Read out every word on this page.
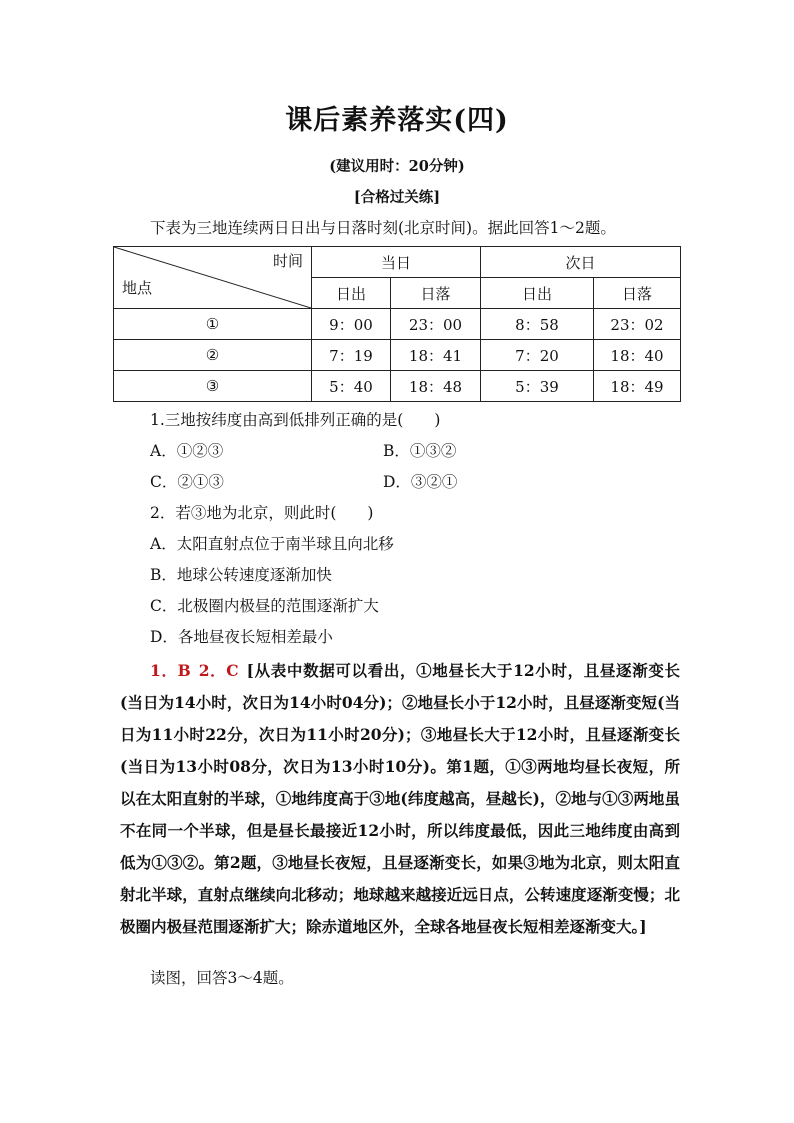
课后素养落实(四)
(建议用时：20分钟)
[合格过关练]
下表为三地连续两日日出与日落时刻(北京时间)。据此回答1～2题。
时间
地点	当日		次日	
	日出	日落	日出	日落
①	9：00	23：00	8：58	23：02
②	7：19	18：41	7：20	18：40
③	5：40	18：48	5：39	18：49
1.三地按纬度由高到低排列正确的是(　　)
A．①②③	B．①③②
C．②①③	D．③②①
2．若③地为北京，则此时(　　)
A．太阳直射点位于南半球且向北移
B．地球公转速度逐渐加快
C．北极圈内极昼的范围逐渐扩大
D．各地昼夜长短相差最小
1．B 2．C [从表中数据可以看出，①地昼长大于12小时，且昼逐渐变长(当日为14小时，次日为14小时04分)；②地昼长小于12小时，且昼逐渐变短(当日为11小时22分，次日为11小时20分)；③地昼长大于12小时，且昼逐渐变长(当日为13小时08分，次日为13小时10分)。第1题，①③两地均昼长夜短，所以在太阳直射的半球，①地纬度高于③地(纬度越高，昼越长)，②地与①③两地虽不在同一个半球，但是昼长最接近12小时，所以纬度最低，因此三地纬度由高到低为①③②。第2题，③地昼长夜短，且昼逐渐变长，如果③地为北京，则太阳直射北半球，直射点继续向北移动；地球越来越接近远日点，公转速度逐渐变慢；北极圈内极昼范围逐渐扩大；除赤道地区外，全球各地昼夜长短相差逐渐变大。]
读图，回答3～4题。
